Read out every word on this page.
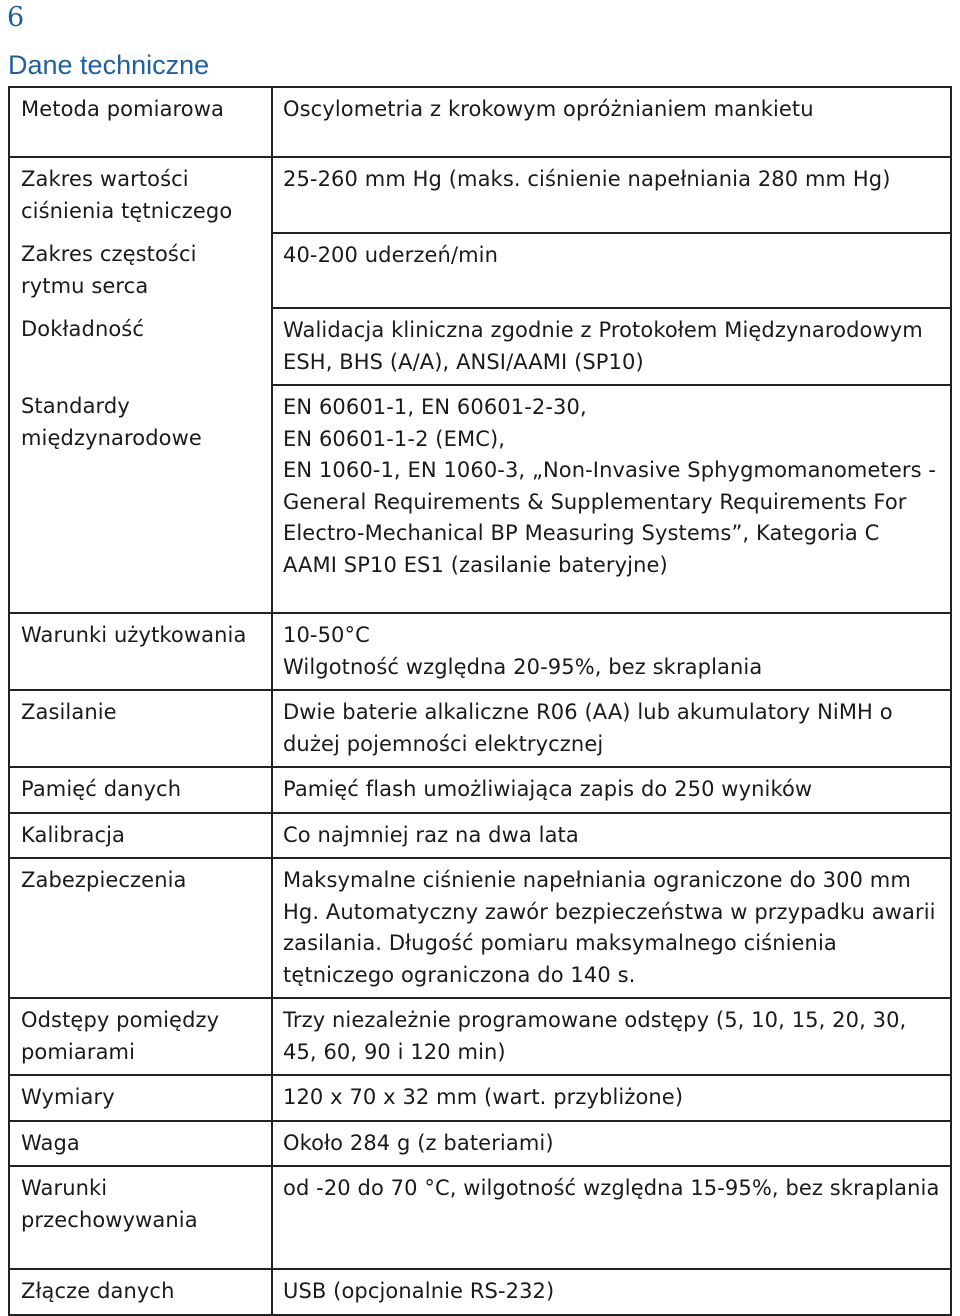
6
Dane techniczne
Metoda pomiarowa	Oscylometria z krokowym opróżnianiem mankietu
Zakres wartości ciśnienia tętniczego	25-260 mm Hg (maks. ciśnienie napełniania 280 mm Hg)
Zakres częstości rytmu serca	40-200 uderzeń/min
Dokładność	Walidacja kliniczna zgodnie z Protokołem Międzynarodowym ESH, BHS (A/A), ANSI/AAMI (SP10)
Standardy międzynarodowe	EN 60601-1, EN 60601-2-30,
EN 60601-1-2 (EMC),
EN 1060-1, EN 1060-3, „Non-Invasive Sphygmomanometers -General Requirements & Supplementary Requirements For Electro-Mechanical BP Measuring Systems”, Kategoria C AAMI SP10 ES1 (zasilanie bateryjne)
Warunki użytkowania	10-50°C
Wilgotność względna 20-95%, bez skraplania
Zasilanie	Dwie baterie alkaliczne R06 (AA) lub akumulatory NiMH o dużej pojemności elektrycznej
Pamięć danych	Pamięć flash umożliwiająca zapis do 250 wyników
Kalibracja	Co najmniej raz na dwa lata
Zabezpieczenia	Maksymalne ciśnienie napełniania ograniczone do 300 mm Hg. Automatyczny zawór bezpieczeństwa w przypadku awarii zasilania. Długość pomiaru maksymalnego ciśnienia tętniczego ograniczona do 140 s.
Odstępy pomiędzy pomiarami	Trzy niezależnie programowane odstępy (5, 10, 15, 20, 30, 45, 60, 90 i 120 min)
Wymiary	120 x 70 x 32 mm (wart. przybliżone)
Waga	Około 284 g (z bateriami)
Warunki przechowywania	od -20 do 70 °C, wilgotność względna 15-95%, bez skraplania
Złącze danych	USB (opcjonalnie RS-232)
